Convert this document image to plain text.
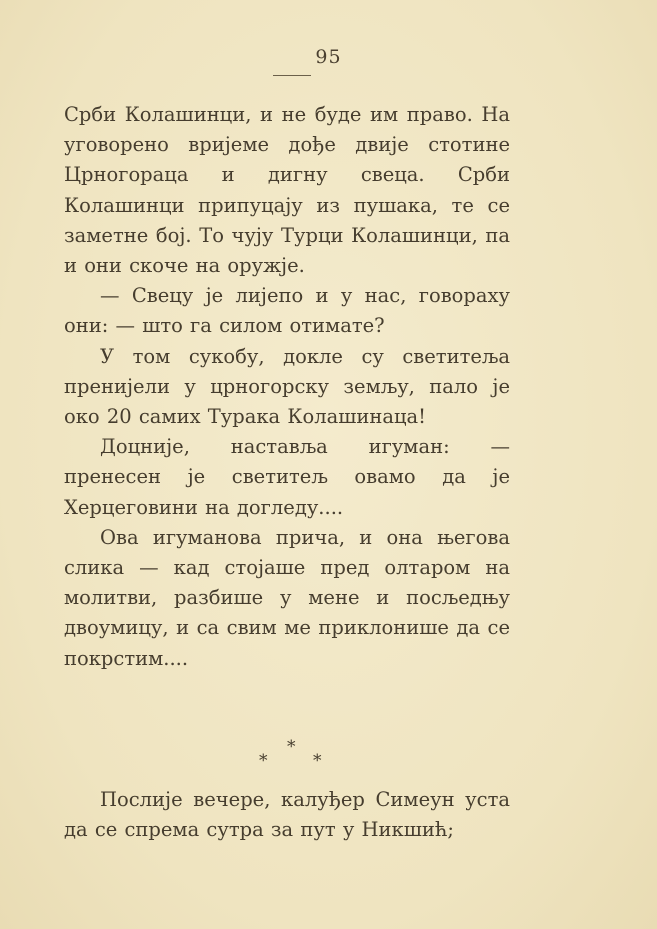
95

Срби Колашинци, и не буде им право. На уговорено вријеме дође двије стотине Црногораца и дигну свеца. Срби Колашинци припуцају из пушака, те се заметне бој. То чују Турци Колашинци, па и они скоче на оружје.

— Свецу је лијепо и у нас, говораху они: — што га силом отимате?

У том сукобу, докле су светитеља пренијели у црногорску земљу, пало је око 20 самих Турака Колашинаца!

Доцније, наставља игуман: — пренесен је светитељ овамо да је Херцеговини на догледу....

Ова игуманова прича, и она његова слика — кад стојаше пред олтаром на молитви, разбише у мене и посљедњу двоумицу, и са свим ме приклонише да се покрстим....

*
*	*

Послије вечере, калуђер Симеун уста да се спрема сутра за пут у Никшић;
